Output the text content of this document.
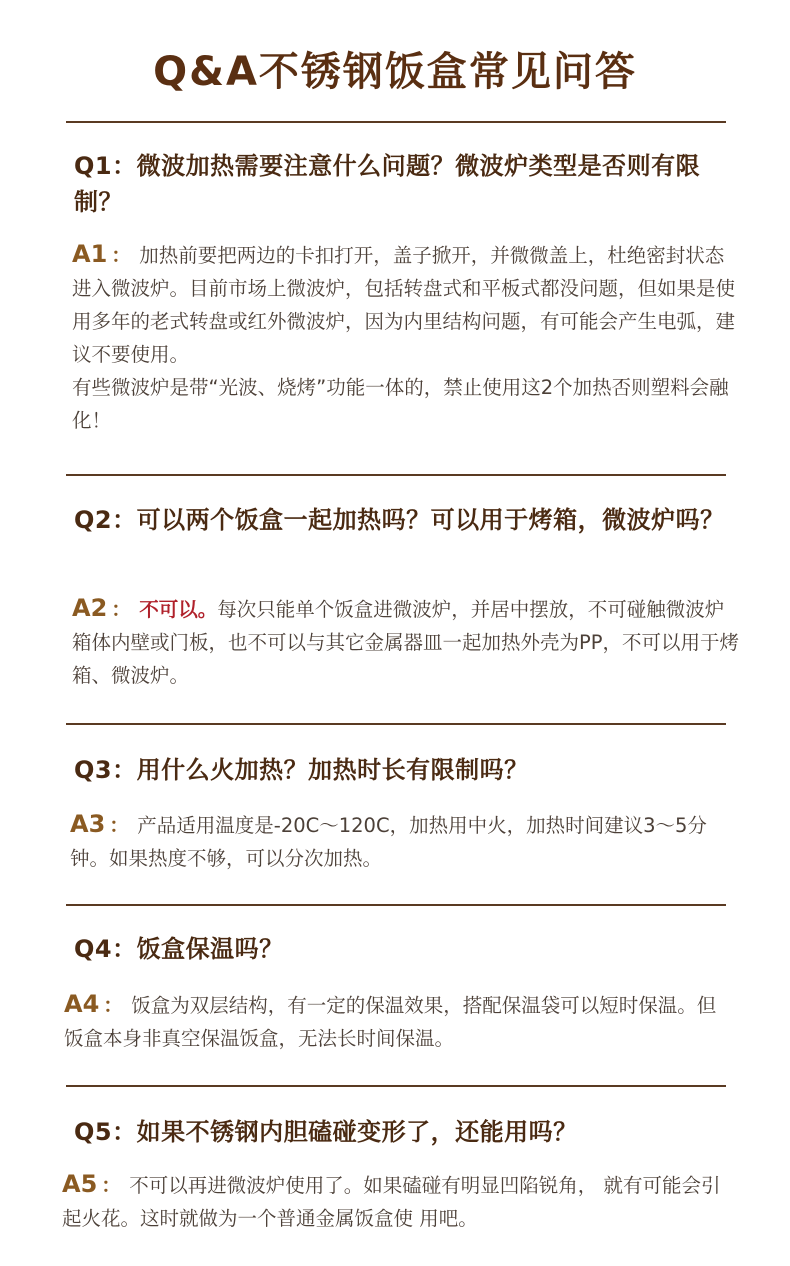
Q&A不锈钢饭盒常见问答
Q1：微波加热需要注意什么问题？微波炉类型是否则有限制？
A1 ： 加热前要把两边的卡扣打开，盖子掀开，并微微盖上，杜绝密封状态进入微波炉。目前市场上微波炉，包括转盘式和平板式都没问题，但如果是使用多年的老式转盘或红外微波炉，因为内里结构问题，有可能会产生电弧，建议不要使用。
有些微波炉是带“光波、烧烤”功能一体的，禁止使用这2个加热否则塑料会融化！
Q2：可以两个饭盒一起加热吗？可以用于烤箱，微波炉吗？
A2 ： 不可以。每次只能单个饭盒进微波炉，并居中摆放，不可碰触微波炉箱体内壁或门板，也不可以与其它金属器皿一起加热外壳为PP，不可以用于烤箱、微波炉。
Q3：用什么火加热？加热时长有限制吗？
A3 ： 产品适用温度是-20C～120C，加热用中火，加热时间建议3～5分钟。如果热度不够，可以分次加热。
Q4：饭盒保温吗？
A4 ： 饭盒为双层结构，有一定的保温效果，搭配保温袋可以短时保温。但饭盒本身非真空保温饭盒，无法长时间保温。
Q5：如果不锈钢内胆磕碰变形了，还能用吗？
A5 ： 不可以再进微波炉使用了。如果磕碰有明显凹陷锐角， 就有可能会引起火花。这时就做为一个普通金属饭盒使 用吧。
